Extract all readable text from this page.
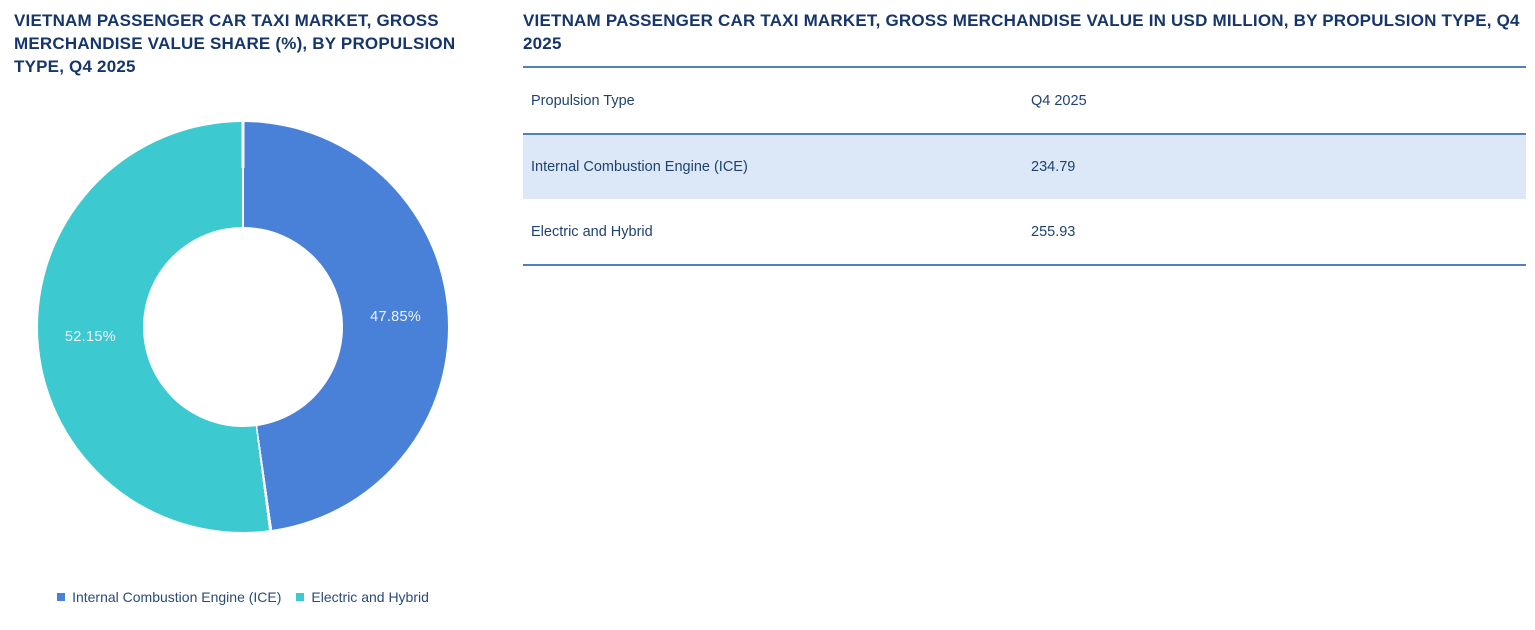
VIETNAM PASSENGER CAR TAXI MARKET, GROSS MERCHANDISE VALUE SHARE (%), BY PROPULSION TYPE, Q4 2025
47.85%
52.15%
Internal Combustion Engine (ICE) Electric and Hybrid
VIETNAM PASSENGER CAR TAXI MARKET, GROSS MERCHANDISE VALUE IN USD MILLION, BY PROPULSION TYPE, Q4 2025
Propulsion Type	Q4 2025
Internal Combustion Engine (ICE)	234.79
Electric and Hybrid	255.93
